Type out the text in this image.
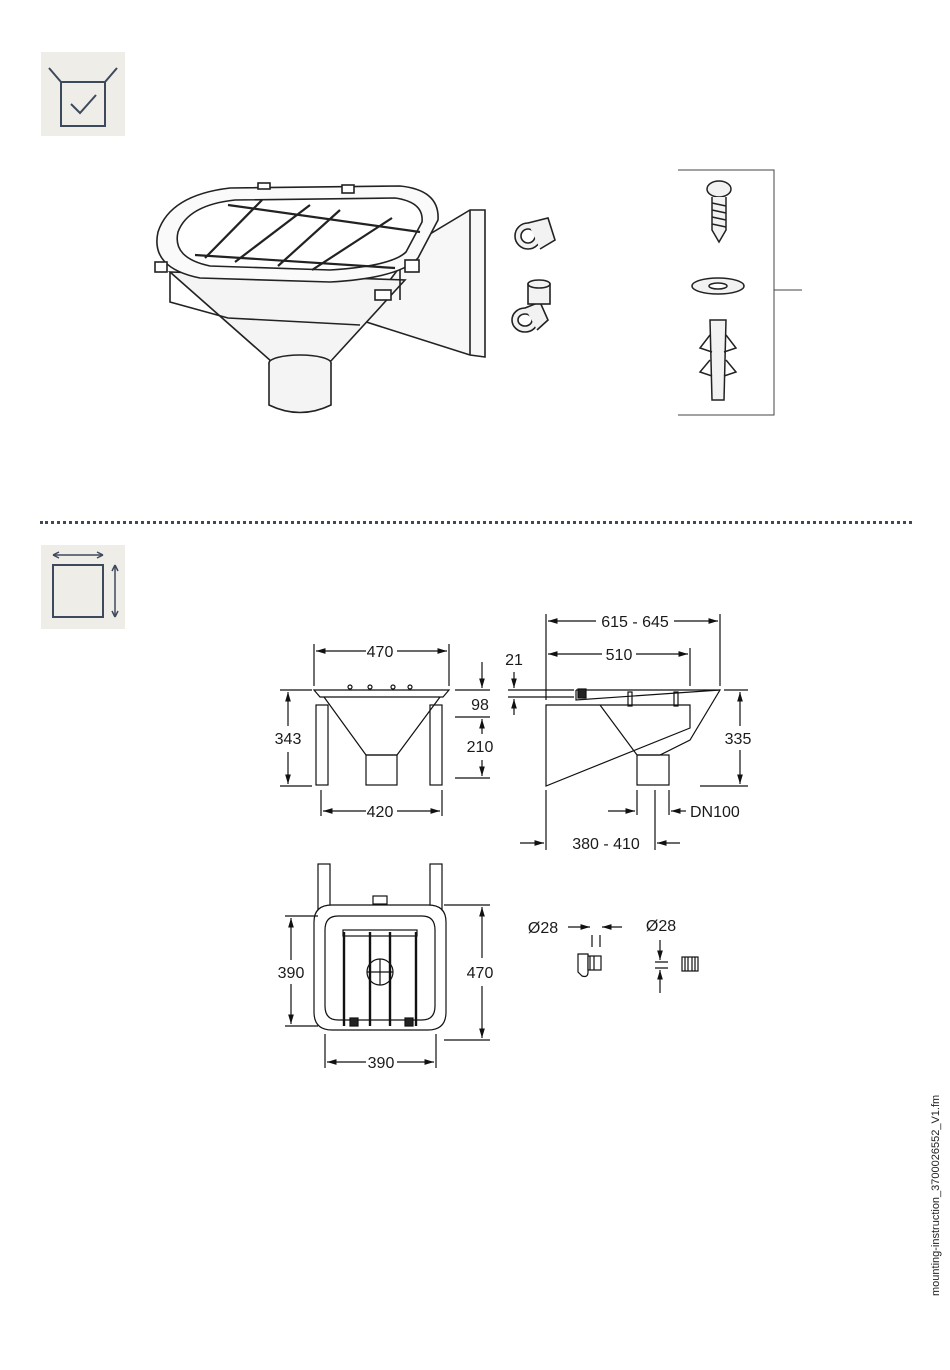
470
420
343
98
210
615 - 645
510
21
335
DN100
380 - 410
390	470
390
Ø28	Ø28
mounting-instruction_3700026552_V1.fm
